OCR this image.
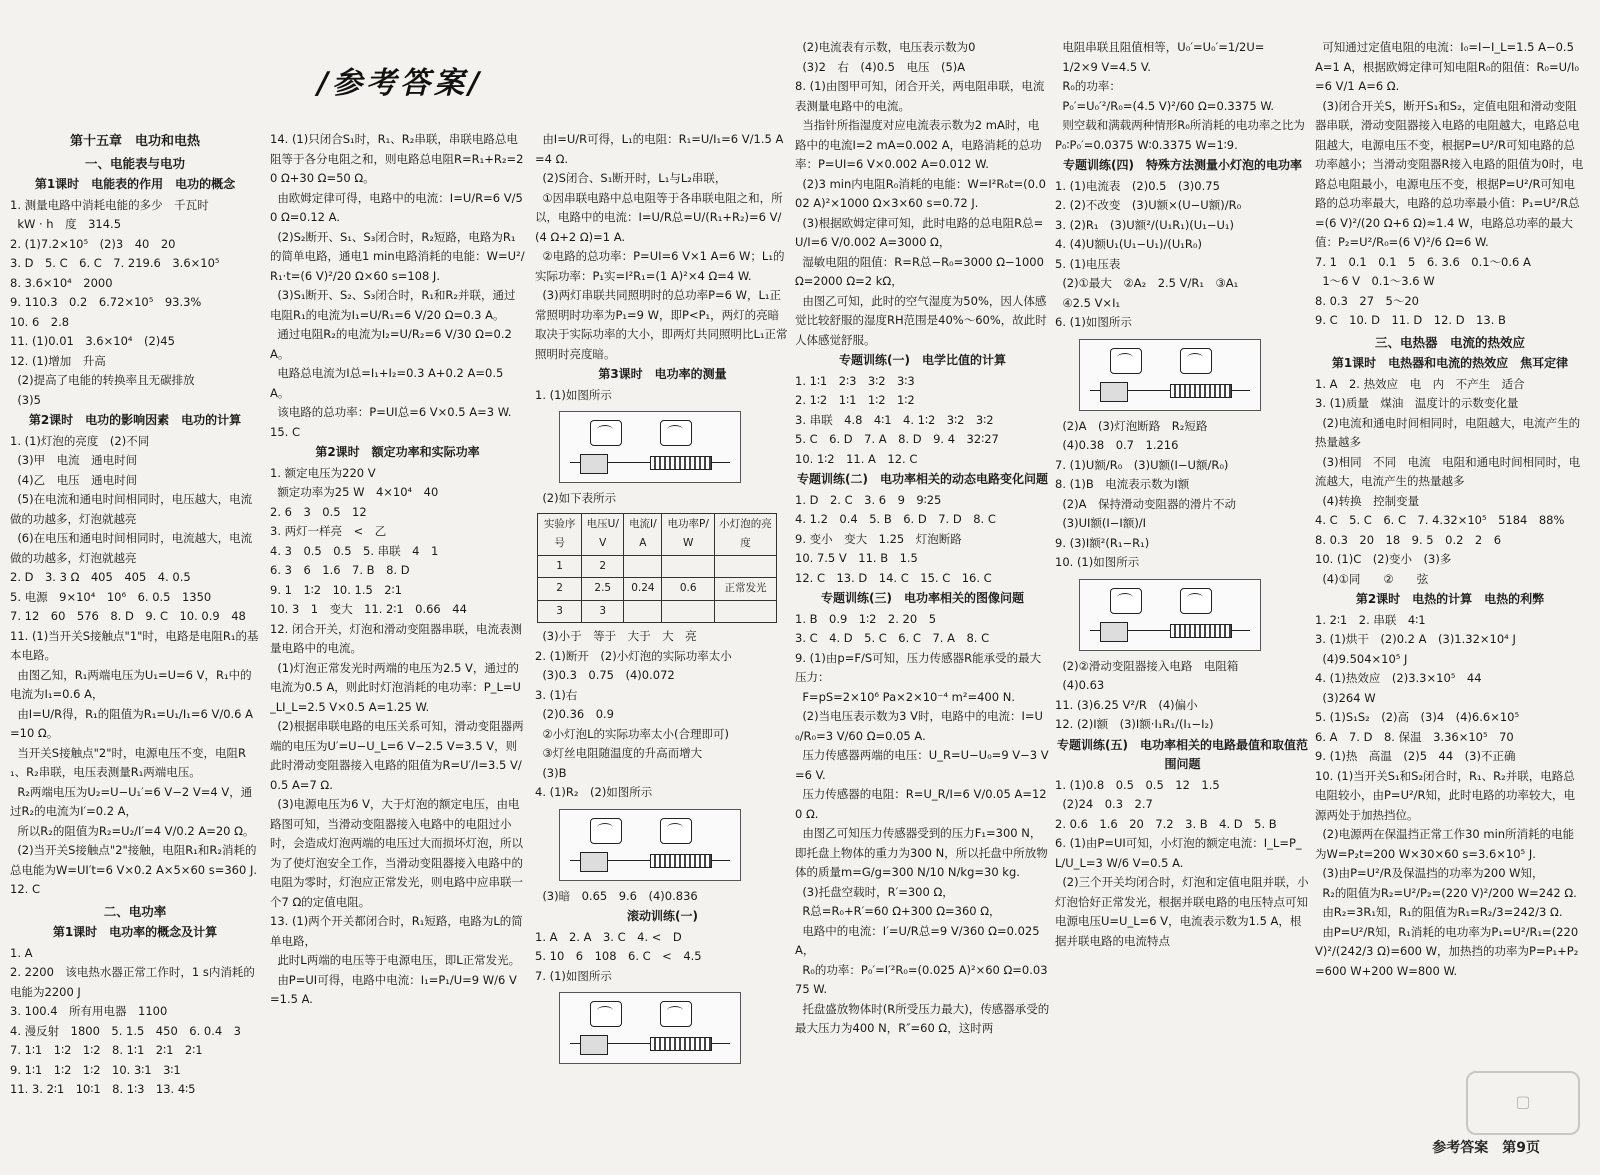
/参考答案/

第十五章　电功和电热

一、电能表与电功

第1课时　电能表的作用　电功的概念

1. 测量电路中消耗电能的多少　千瓦时

kW · h　度　314.5

2. (1)7.2×10⁵　(2)3　40　20

3. D　5. C　6. C　7. 219.6　3.6×10⁵

8. 3.6×10⁴　2000

9. 110.3　0.2　6.72×10⁵　93.3%

10. 6　2.8

11. (1)0.01　3.6×10⁴　(2)45

12. (1)增加　升高

(2)提高了电能的转换率且无碳排放

(3)5

第2课时　电功的影响因素　电功的计算

1. (1)灯泡的亮度　(2)不同

(3)甲　电流　通电时间

(4)乙　电压　通电时间

(5)在电流和通电时间相同时，电压越大，电流做的功越多，灯泡就越亮

(6)在电压和通电时间相同时，电流越大，电流做的功越多，灯泡就越亮

2. D　3. 3 Ω　405　405　4. 0.5

5. 电源　9×10⁴　10⁶　6. 0.5　1350

7. 12　60　576　8. D　9. C　10. 0.9　48

11. (1)当开关S接触点"1"时，电路是电阻R₁的基本电路。

由图乙知，R₁两端电压为U₁=U=6 V，R₁中的电流为I₁=0.6 A，

由I=U/R得，R₁的阻值为R₁=U₁/I₁=6 V/0.6 A=10 Ω。

当开关S接触点"2"时，电源电压不变，电阻R₁、R₂串联，电压表测量R₁两端电压。

R₂两端电压为U₂=U−U₁′=6 V−2 V=4 V，通过R₂的电流为I′=0.2 A，

所以R₂的阻值为R₂=U₂/I′=4 V/0.2 A=20 Ω。

(2)当开关S接触点"2"接触，电阻R₁和R₂消耗的总电能为W=UI′t=6 V×0.2 A×5×60 s=360 J.

12. C

二、电功率

第1课时　电功率的概念及计算

1. A

2. 2200　该电热水器正常工作时，1 s内消耗的电能为2200 J

3. 100.4　所有用电器　1100

4. 漫反射　1800　5. 1.5　450　6. 0.4　3

7. 1∶1　1∶2　1∶2　8. 1∶1　2∶1　2∶1

9. 1∶1　1∶2　1∶2　10. 3∶1　3∶1

11. 3. 2∶1　10∶1　8. 1∶3　13. 4∶5

14. (1)只闭合S₁时，R₁、R₂串联，串联电路总电阻等于各分电阻之和，则电路总电阻R=R₁+R₂=20 Ω+30 Ω=50 Ω。

由欧姆定律可得，电路中的电流：I=U/R=6 V/50 Ω=0.12 A.

(2)S₂断开、S₁、S₃闭合时，R₂短路，电路为R₁的简单电路，通电1 min电路消耗的电能：W=U²/R₁·t=(6 V)²/20 Ω×60 s=108 J.

(3)S₁断开、S₂、S₃闭合时，R₁和R₂并联，通过电阻R₁的电流为I₁=U/R₁=6 V/20 Ω=0.3 A。

通过电阻R₂的电流为I₂=U/R₂=6 V/30 Ω=0.2 A。

电路总电流为I总=I₁+I₂=0.3 A+0.2 A=0.5 A。

该电路的总功率：P=UI总=6 V×0.5 A=3 W.

15. C

第2课时　额定功率和实际功率

1. 额定电压为220 V

额定功率为25 W　4×10⁴　40

2. 6　3　0.5　12

3. 两灯一样亮　<　乙

4. 3　0.5　0.5　5. 串联　4　1

6. 3　6　1.6　7. B　8. D

9. 1　1∶2　10. 1.5　2∶1

10. 3　1　变大　11. 2∶1　0.66　44

12. 闭合开关，灯泡和滑动变阻器串联，电流表测量电路中的电流。

(1)灯泡正常发光时两端的电压为2.5 V，通过的电流为0.5 A，则此时灯泡消耗的电功率：P_L=U_LI_L=2.5 V×0.5 A=1.25 W.

(2)根据串联电路的电压关系可知，滑动变阻器两端的电压为U′=U−U_L=6 V−2.5 V=3.5 V，则此时滑动变阻器接入电路的阻值为R=U′/I=3.5 V/0.5 A=7 Ω.

(3)电源电压为6 V，大于灯泡的额定电压，由电路图可知，当滑动变阻器接入电路中的电阻过小时，会造成灯泡两端的电压过大而损坏灯泡，所以为了使灯泡安全工作，当滑动变阻器接入电路中的电阻为零时，灯泡应正常发光，则电路中应串联一个7 Ω的定值电阻。

13. (1)两个开关都闭合时，R₁短路，电路为L的简单电路，

此时L两端的电压等于电源电压，即L正常发光。

由P=UI可得，电路中电流：I₁=P₁/U=9 W/6 V=1.5 A.

由I=U/R可得，L₁的电阻：R₁=U/I₁=6 V/1.5 A=4 Ω.

(2)S闭合、S₁断开时，L₁与L₂串联，

①因串联电路中总电阻等于各串联电阻之和，所以，电路中的电流：I=U/R总=U/(R₁+R₂)=6 V/(4 Ω+2 Ω)=1 A.

②电路的总功率：P=UI=6 V×1 A=6 W；L₁的实际功率：P₁实=I²R₁=(1 A)²×4 Ω=4 W.

(3)两灯串联共同照明时的总功率P=6 W，L₁正常照明时功率为P₁=9 W，即P<P₁，两灯的亮暗取决于实际功率的大小，即两灯共同照明比L₁正常照明时亮度暗。

第3课时　电功率的测量

1. (1)如图所示

(2)如下表所示

实验序号	电压U/V	电流I/A	电功率P/W	小灯泡的亮度
1	2			
2	2.5	0.24	0.6	正常发光
3	3			

(3)小于　等于　大于　大　亮

2. (1)断开　(2)小灯泡的实际功率太小

(3)0.3　0.75　(4)0.072

3. (1)右

(2)0.36　0.9

②小灯泡L的实际功率太小(合理即可)

③灯丝电阻随温度的升高而增大

(3)B

4. (1)R₂　(2)如图所示

(3)暗　0.65　9.6　(4)0.836

滚动训练(一)

1. A　2. A　3. C　4. <　D

5. 10　6　108　6. C　<　4.5

7. (1)如图所示

(2)电流表有示数，电压表示数为0

(3)2　右　(4)0.5　电压　(5)A

8. (1)由图甲可知，闭合开关，两电阻串联，电流表测量电路中的电流。

当指针所指湿度对应电流表示数为2 mA时，电路中的电流I=2 mA=0.002 A，电路消耗的总功率：P=UI=6 V×0.002 A=0.012 W.

(2)3 min内电阻R₀消耗的电能：W=I²R₀t=(0.002 A)²×1000 Ω×3×60 s=0.72 J.

(3)根据欧姆定律可知，此时电路的总电阻R总=U/I=6 V/0.002 A=3000 Ω，

湿敏电阻的阻值：R=R总−R₀=3000 Ω−1000 Ω=2000 Ω=2 kΩ，

由图乙可知，此时的空气湿度为50%，因人体感觉比较舒服的湿度RH范围是40%～60%，故此时人体感觉舒服。

专题训练(一)　电学比值的计算

1. 1∶1　2∶3　3∶2　3∶3

2. 1∶2　1∶1　1∶2　1∶2

3. 串联　4.8　4∶1　4. 1∶2　3∶2　3∶2

5. C　6. D　7. A　8. D　9. 4　32∶27

10. 1∶2　11. A　12. C

专题训练(二)　电功率相关的动态电路变化问题

1. D　2. C　3. 6　9　9∶25

4. 1.2　0.4　5. B　6. D　7. D　8. C

9. 变小　变大　1.25　灯泡断路

10. 7.5 V　11. B　1.5

12. C　13. D　14. C　15. C　16. C

专题训练(三)　电功率相关的图像问题

1. B　0.9　1∶2　2. 20　5

3. C　4. D　5. C　6. C　7. A　8. C

9. (1)由p=F/S可知，压力传感器R能承受的最大压力：

F=pS=2×10⁶ Pa×2×10⁻⁴ m²=400 N.

(2)当电压表示数为3 V时，电路中的电流：I=U₀/R₀=3 V/60 Ω=0.05 A.

压力传感器两端的电压：U_R=U−U₀=9 V−3 V=6 V.

压力传感器的电阻：R=U_R/I=6 V/0.05 A=120 Ω.

由图乙可知压力传感器受到的压力F₁=300 N，即托盘上物体的重力为300 N，所以托盘中所放物体的质量m=G/g=300 N/10 N/kg=30 kg.

(3)托盘空载时，R′=300 Ω，

R总=R₀+R′=60 Ω+300 Ω=360 Ω，

电路中的电流：I′=U/R总=9 V/360 Ω=0.025 A，

R₀的功率：P₀′=I′²R₀=(0.025 A)²×60 Ω=0.0375 W.

托盘盛放物体时(R所受压力最大)，传感器承受的最大压力为400 N，R″=60 Ω，这时两

电阻串联且阻值相等，U₀′=U₀′=1/2U=

1/2×9 V=4.5 V.

R₀的功率：

P₀′=U₀′²/R₀=(4.5 V)²/60 Ω=0.3375 W.

则空载和满载两种情形R₀所消耗的电功率之比为P₀∶P₀′=0.0375 W∶0.3375 W=1∶9.

专题训练(四)　特殊方法测量小灯泡的电功率

1. (1)电流表　(2)0.5　(3)0.75

2. (2)不改变　(3)U额×(U−U额)/R₀

3. (2)R₁　(3)U额²/(U₁R₁)(U₁−U₁)

4. (4)U额U₁(U₁−U₁)/(U₁R₀)

5. (1)电压表

(2)①最大　②A₂　2.5 V/R₁　③A₁

④2.5 V×I₁

6. (1)如图所示

(2)A　(3)灯泡断路　R₂短路

(4)0.38　0.7　1.216

7. (1)U额/R₀　(3)U额(I−U额/R₀)

8. (1)B　电流表示数为I额

(2)A　保持滑动变阻器的滑片不动

(3)UI额(I−I额)/I

9. (3)I额²(R₁−R₁)

10. (1)如图所示

(2)②滑动变阻器接入电路　电阻箱

(4)0.63

11. (3)6.25 V²/R　(4)偏小

12. (2)I额　(3)I额·I₁R₁/(I₁−I₂)

专题训练(五)　电功率相关的电路最值和取值范围问题

1. (1)0.8　0.5　0.5　12　1.5

(2)24　0.3　2.7

2. 0.6　1.6　20　7.2　3. B　4. D　5. B

6. (1)由P=UI可知，小灯泡的额定电流：I_L=P_L/U_L=3 W/6 V=0.5 A.

(2)三个开关均闭合时，灯泡和定值电阻并联，小灯泡恰好正常发光，根据并联电路的电压特点可知电源电压U=U_L=6 V，电流表示数为1.5 A，根据并联电路的电流特点

可知通过定值电阻的电流：I₀=I−I_L=1.5 A−0.5 A=1 A，根据欧姆定律可知电阻R₀的阻值：R₀=U/I₀=6 V/1 A=6 Ω.

(3)闭合开关S，断开S₁和S₂，定值电阻和滑动变阻器串联，滑动变阻器接入电路的电阻越大，电路总电阻越大，电源电压不变，根据P=U²/R可知电路的总功率越小；当滑动变阻器R接入电路的阻值为0时，电路总电阻最小，电源电压不变，根据P=U²/R可知电路的总功率最大，电路的总功率最小值：P₁=U²/R总=(6 V)²/(20 Ω+6 Ω)≈1.4 W，电路总功率的最大值：P₂=U²/R₀=(6 V)²/6 Ω=6 W.

7. 1　0.1　0.1　5　6. 3.6　0.1～0.6 A

1～6 V　0.1～3.6 W

8. 0.3　27　5～20

9. C　10. D　11. D　12. D　13. B

三、电热器　电流的热效应

第1课时　电热器和电流的热效应　焦耳定律

1. A　2. 热效应　电　内　不产生　适合

3. (1)质量　煤油　温度计的示数变化量

(2)电流和通电时间相同时，电阻越大，电流产生的热量越多

(3)相同　不同　电流　电阻和通电时间相同时，电流越大，电流产生的热量越多

(4)转换　控制变量

4. C　5. C　6. C　7. 4.32×10⁵　5184　88%

8. 0.3　20　18　9. 5　0.2　2　6

10. (1)C　(2)变小　(3)多

(4)①同　　②　　弦

第2课时　电热的计算　电热的利弊

1. 2∶1　2. 串联　4∶1

3. (1)烘干　(2)0.2 A　(3)1.32×10⁴ J

(4)9.504×10⁵ J

4. (1)热效应　(2)3.3×10⁵　44

(3)264 W

5. (1)S₁S₂　(2)高　(3)4　(4)6.6×10⁵

6. A　7. D　8. 保温　3.36×10⁵　70

9. (1)热　高温　(2)5　44　(3)不正确

10. (1)当开关S₁和S₂闭合时，R₁、R₂并联，电路总电阻较小，由P=U²/R知，此时电路的功率较大，电源两处于加热挡位。

(2)电源两在保温挡正常工作30 min所消耗的电能为W=P₂t=200 W×30×60 s=3.6×10⁵ J.

(3)由P=U²/R及保温挡的功率为200 W知，

R₂的阻值为R₂=U²/P₂=(220 V)²/200 W=242 Ω.

由R₂=3R₁知，R₁的阻值为R₁=R₂/3=242/3 Ω.

由P=U²/R知，R₁消耗的电功率为P₁=U²/R₁=(220 V)²/(242/3 Ω)=600 W，加热挡的功率为P=P₁+P₂=600 W+200 W=800 W.

▢
参考答案　第9页
